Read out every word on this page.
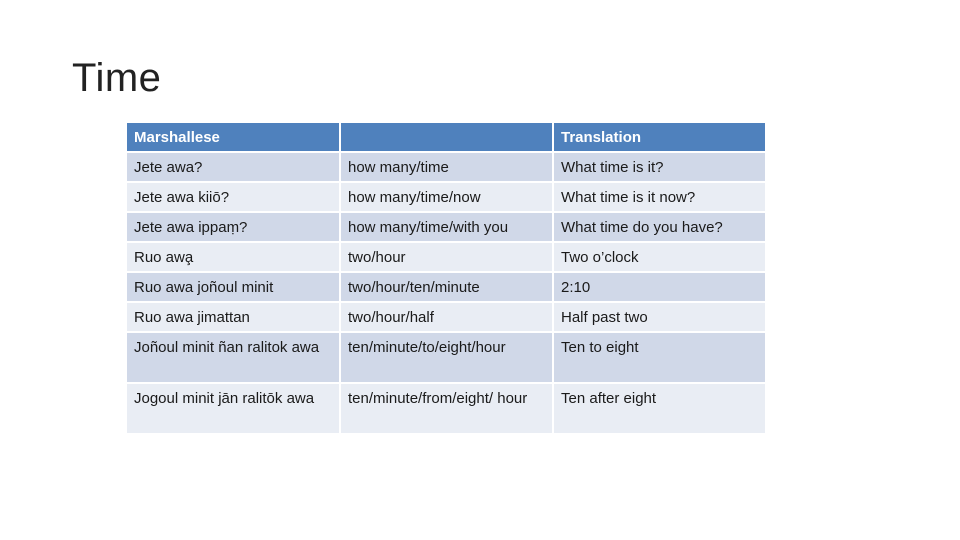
Time
Marshallese		Translation
Jete awa?	how many/time	What time is it?
Jete awa kiiō?	how many/time/now	What time is it now?
Jete awa ippaṃ?	how many/time/with you	What time do you have?
Ruo awa̧	two/hour	Two o’clock
Ruo awa joñoul minit	two/hour/ten/minute	2:10
Ruo awa jimattan	two/hour/half	Half past two
Joñoul minit ñan ralitok awa	ten/minute/to/eight/hour	Ten to eight
Jogoul minit jān ralitōk awa	ten/minute/from/eight/ hour	Ten after eight
